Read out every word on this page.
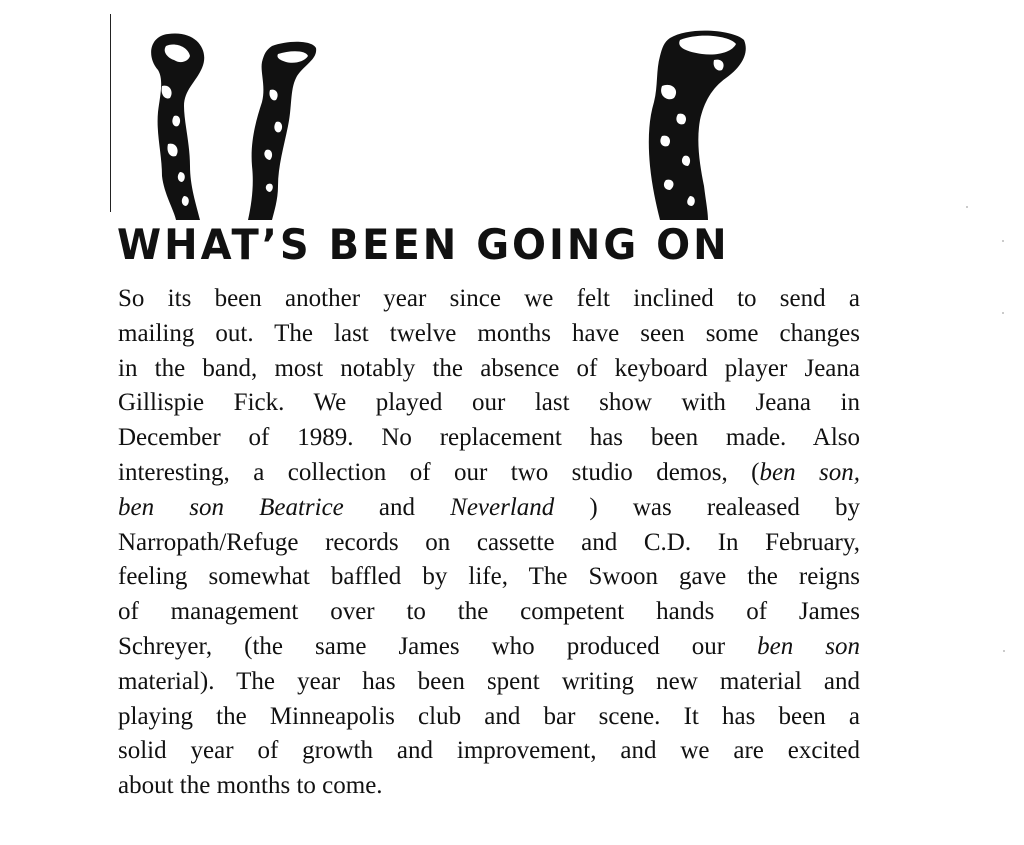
WHAT’S BEEN GOING ON
So its been another year since we felt inclined to send a
mailing out. The last twelve months have seen some changes
in the band, most notably the absence of keyboard player Jeana
Gillispie Fick. We played our last show with Jeana in
December of 1989. No replacement has been made. Also
interesting, a collection of our two studio demos, (ben son,
ben son Beatrice and Neverland ) was realeased by
Narropath/Refuge records on cassette and C.D. In February,
feeling somewhat baffled by life, The Swoon gave the reigns
of management over to the competent hands of James
Schreyer, (the same James who produced our ben son
material). The year has been spent writing new material and
playing the Minneapolis club and bar scene. It has been a
solid year of growth and improvement, and we are excited
about the months to come.
